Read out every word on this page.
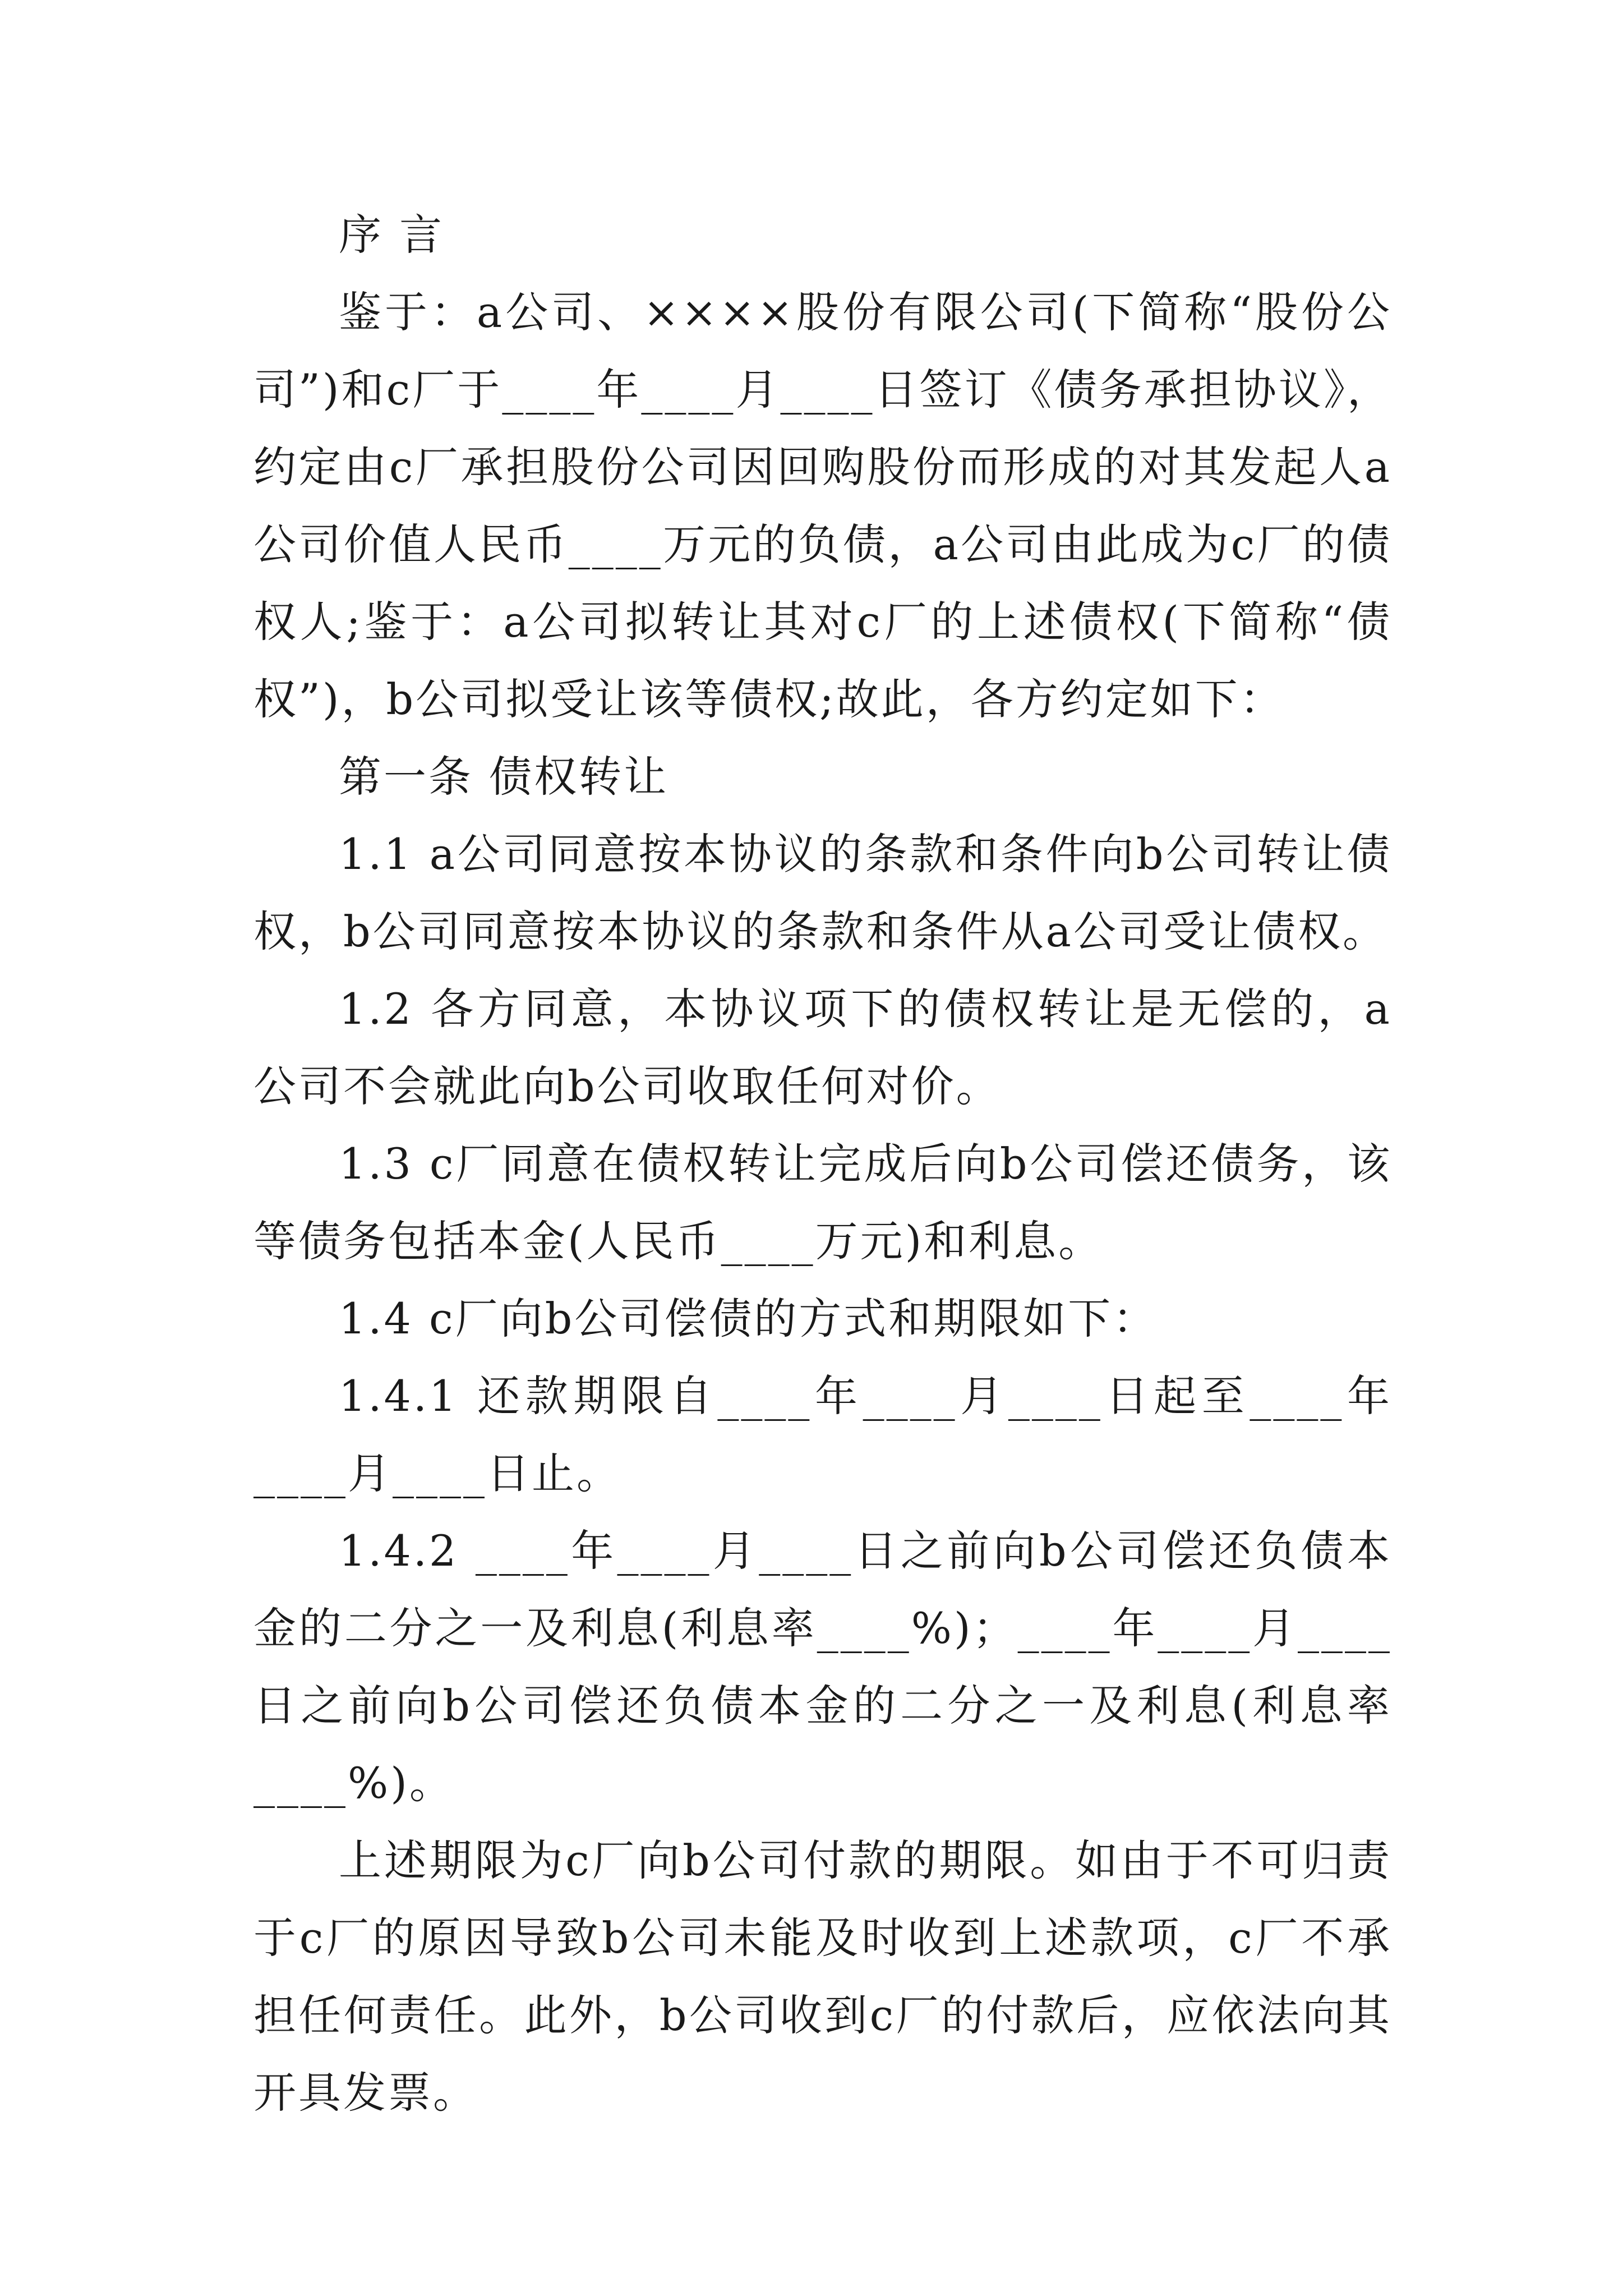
序 言

鉴于：a公司、××××股份有限公司(下简称“股份公司”)和c厂于____年____月____日签订《债务承担协议》，约定由c厂承担股份公司因回购股份而形成的对其发起人a公司价值人民币____万元的负债，a公司由此成为c厂的债权人;鉴于：a公司拟转让其对c厂的上述债权(下简称“债权”)，b公司拟受让该等债权;故此，各方约定如下：

第一条 债权转让

1.1 a公司同意按本协议的条款和条件向b公司转让债权，b公司同意按本协议的条款和条件从a公司受让债权。

1.2 各方同意，本协议项下的债权转让是无偿的，a公司不会就此向b公司收取任何对价。

1.3 c厂同意在债权转让完成后向b公司偿还债务，该等债务包括本金(人民币____万元)和利息。

1.4 c厂向b公司偿债的方式和期限如下：

1.4.1 还款期限自____年____月____日起至____年____月____日止。

1.4.2 ____年____月____日之前向b公司偿还负债本金的二分之一及利息(利息率____%)；____年____月____日之前向b公司偿还负债本金的二分之一及利息(利息率____%)。

上述期限为c厂向b公司付款的期限。如由于不可归责于c厂的原因导致b公司未能及时收到上述款项，c厂不承担任何责任。此外，b公司收到c厂的付款后，应依法向其开具发票。
